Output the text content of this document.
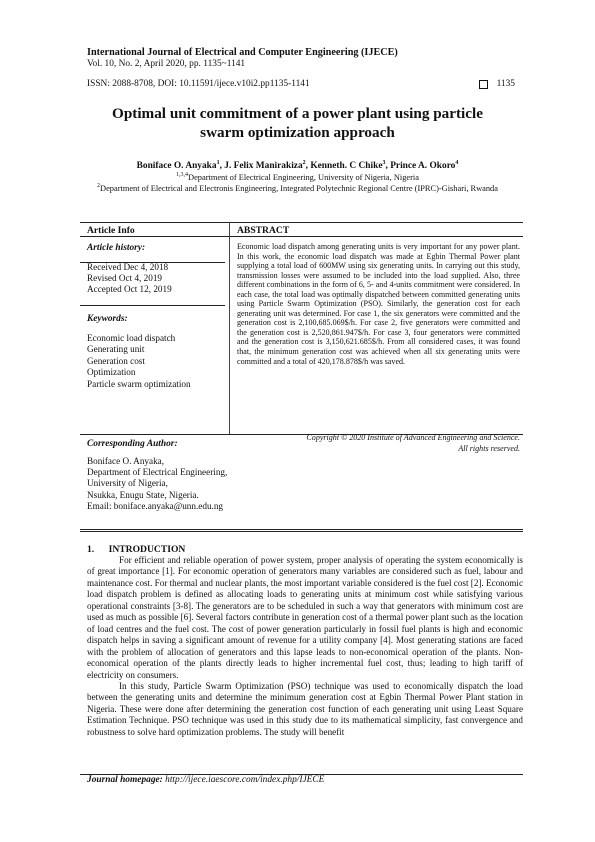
International Journal of Electrical and Computer Engineering (IJECE)
Vol. 10, No. 2, April 2020, pp. 1135~1141
ISSN: 2088-8708, DOI: 10.11591/ijece.v10i2.pp1135-1141	1135
Optimal unit commitment of a power plant using particle
swarm optimization approach
Boniface O. Anyaka$^1$, J. Felix Manirakiza$^2$, Kenneth. C Chike$^3$, Prince A. Okoro$^4$
$^{1,3,4}$Department of Electrical Engineering, University of Nigeria, Nigeria
$^2$Department of Electrical and Electronis Engineering, Integrated Polytechnic Regional Centre (IPRC)-Gishari, Rwanda
Article Info
Article history:
Received Dec 4, 2018
Revised Oct 4, 2019
Accepted Oct 12, 2019
Keywords:
Economic load dispatch
Generating unit
Generation cost
Optimization
Particle swarm optimization
ABSTRACT
Economic load dispatch among generating units is very important for any power plant. In this work, the economic load dispatch was made at Egbin Thermal Power plant supplying a total load of 600MW using six generating units. In carrying out this study, transmission losses were assumed to be included into the load supplied. Also, three different combinations in the form of 6, 5- and 4-units commitment were considered. In each case, the total load was optimally dispatched between committed generating units using Particle Swarm Optimization (PSO). Similarly, the generation cost for each generating unit was determined. For case 1, the six generators were committed and the generation cost is 2,100,685.069$/h. For case 2, five generators were committed and the generation cost is 2,520,861.947$/h. For case 3, four generators were committed and the generation cost is 3,150,621.685$/h. From all considered cases, it was found that, the minimum generation cost was achieved when all six generating units were committed and a total of 420,178.878$/h was saved.
Copyright © 2020 Institute of Advanced Engineering and Science.
All rights reserved.
Corresponding Author:
Boniface O. Anyaka,
Department of Electrical Engineering,
University of Nigeria,
Nsukka, Enugu State, Nigeria.
Email: boniface.anyaka@unn.edu.ng
1.      INTRODUCTION

For efficient and reliable operation of power system, proper analysis of operating the system economically is of great importance [1]. For economic operation of generators many variables are considered such as fuel, labour and maintenance cost. For thermal and nuclear plants, the most important variable considered is the fuel cost [2]. Economic load dispatch problem is defined as allocating loads to generating units at minimum cost while satisfying various operational constraints [3-8]. The generators are to be scheduled in such a way that generators with minimum cost are used as much as possible [6]. Several factors contribute in generation cost of a thermal power plant such as the location of load centres and the fuel cost. The cost of power generation particularly in fossil fuel plants is high and economic dispatch helps in saving a significant amount of revenue for a utility company [4]. Most generating stations are faced with the problem of allocation of generators and this lapse leads to non-economical operation of the plants. Non-economical operation of the plants directly leads to higher incremental fuel cost, thus; leading to high tariff of electricity on consumers.

In this study, Particle Swarm Optimization (PSO) technique was used to economically dispatch the load between the generating units and determine the minimum generation cost at Egbin Thermal Power Plant station in Nigeria. These were done after determining the generation cost function of each generating unit using Least Square Estimation Technique. PSO technique was used in this study due to its mathematical simplicity, fast convergence and robustness to solve hard optimization problems. The study will benefit

Journal homepage: http://ijece.iaescore.com/index.php/IJECE
